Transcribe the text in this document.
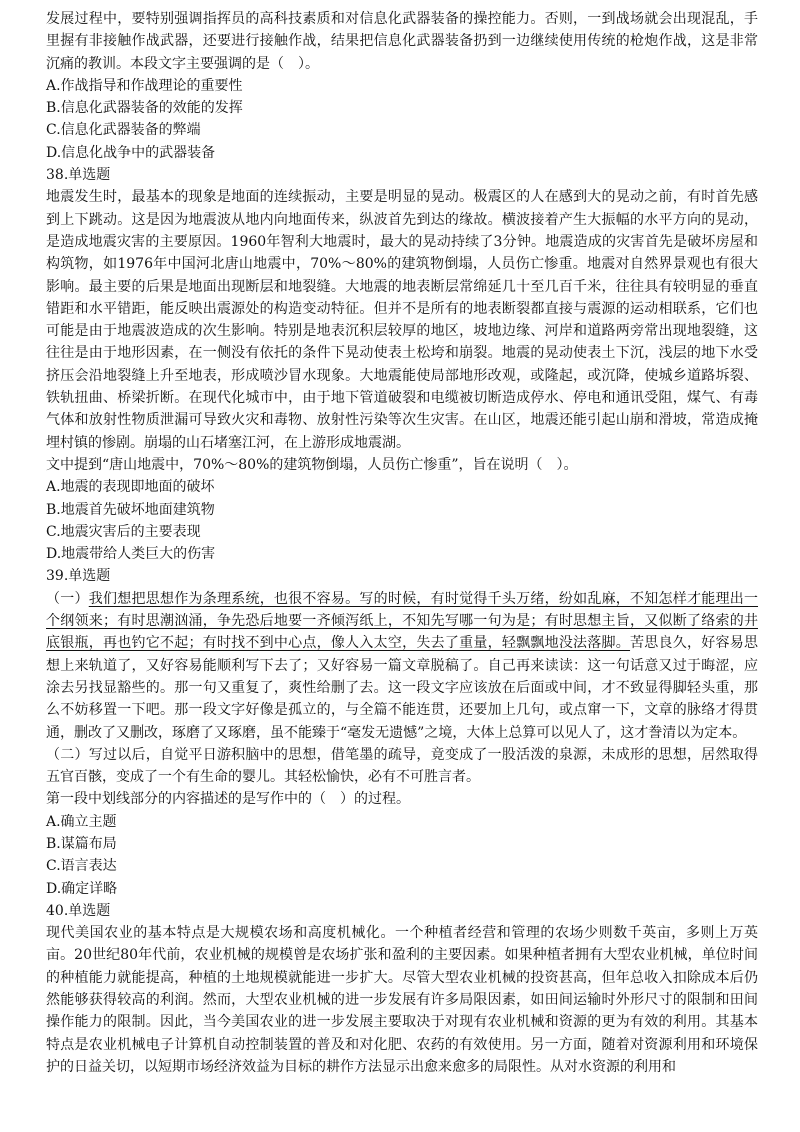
发展过程中，要特别强调指挥员的高科技素质和对信息化武器装备的操控能力。否则，一到战场就会出现混乱，手里握有非接触作战武器，还要进行接触作战，结果把信息化武器装备扔到一边继续使用传统的枪炮作战，这是非常沉痛的教训。本段文字主要强调的是（　）。

A.作战指导和作战理论的重要性
B.信息化武器装备的效能的发挥
C.信息化武器装备的弊端
D.信息化战争中的武器装备
38.单选题

地震发生时，最基本的现象是地面的连续振动，主要是明显的晃动。极震区的人在感到大的晃动之前，有时首先感到上下跳动。这是因为地震波从地内向地面传来，纵波首先到达的缘故。横波接着产生大振幅的水平方向的晃动，是造成地震灾害的主要原因。1960年智利大地震时，最大的晃动持续了3分钟。地震造成的灾害首先是破坏房屋和构筑物，如1976年中国河北唐山地震中，70%～80%的建筑物倒塌，人员伤亡惨重。地震对自然界景观也有很大影响。最主要的后果是地面出现断层和地裂缝。大地震的地表断层常绵延几十至几百千米，往往具有较明显的垂直错距和水平错距，能反映出震源处的构造变动特征。但并不是所有的地表断裂都直接与震源的运动相联系，它们也可能是由于地震波造成的次生影响。特别是地表沉积层较厚的地区，坡地边缘、河岸和道路两旁常出现地裂缝，这往往是由于地形因素，在一侧没有依托的条件下晃动使表土松垮和崩裂。地震的晃动使表土下沉，浅层的地下水受挤压会沿地裂缝上升至地表，形成喷沙冒水现象。大地震能使局部地形改观，或隆起，或沉降，使城乡道路坼裂、铁轨扭曲、桥梁折断。在现代化城市中，由于地下管道破裂和电缆被切断造成停水、停电和通讯受阻，煤气、有毒气体和放射性物质泄漏可导致火灾和毒物、放射性污染等次生灾害。在山区，地震还能引起山崩和滑坡，常造成掩埋村镇的惨剧。崩塌的山石堵塞江河，在上游形成地震湖。

文中提到“唐山地震中，70%～80%的建筑物倒塌，人员伤亡惨重”，旨在说明（　）。
A.地震的表现即地面的破坏
B.地震首先破坏地面建筑物
C.地震灾害后的主要表现
D.地震带给人类巨大的伤害
39.单选题

（一）我们想把思想作为条理系统，也很不容易。写的时候，有时觉得千头万绪，纷如乱麻，不知怎样才能理出一个纲领来；有时思潮汹涌，争先恐后地要一齐倾泻纸上，不知先写哪一句为是；有时思想主旨，又似断了络索的井底银瓶，再也钓它不起；有时找不到中心点，像人入太空，失去了重量，轻飘飘地没法落脚。苦思良久，好容易思想上来轨道了，又好容易能顺利写下去了；又好容易一篇文章脱稿了。自己再来读读：这一句话意又过于晦涩，应涂去另找显豁些的。那一句又重复了，爽性给删了去。这一段文字应该放在后面或中间，才不致显得脚轻头重，那么不妨移置一下吧。那一段文字好像是孤立的，与全篇不能连贯，还要加上几句，或点窜一下，文章的脉络才得贯通，删改了又删改，琢磨了又琢磨，虽不能臻于“毫发无遗憾”之境，大体上总算可以见人了，这才誊清以为定本。

（二）写过以后，自觉平日游积脑中的思想，借笔墨的疏导，竟变成了一股活泼的泉源，未成形的思想，居然取得五官百骸，变成了一个有生命的婴儿。其轻松愉快，必有不可胜言者。

第一段中划线部分的内容描述的是写作中的（　）的过程。
A.确立主题
B.谋篇布局
C.语言表达
D.确定详略
40.单选题

现代美国农业的基本特点是大规模农场和高度机械化。一个种植者经营和管理的农场少则数千英亩，多则上万英亩。20世纪80年代前，农业机械的规模曾是农场扩张和盈利的主要因素。如果种植者拥有大型农业机械，单位时间的种植能力就能提高，种植的土地规模就能进一步扩大。尽管大型农业机械的投资甚高，但年总收入扣除成本后仍然能够获得较高的利润。然而，大型农业机械的进一步发展有许多局限因素，如田间运输时外形尺寸的限制和田间操作能力的限制。因此，当今美国农业的进一步发展主要取决于对现有农业机械和资源的更为有效的利用。其基本特点是农业机械电子计算机自动控制装置的普及和对化肥、农药的有效使用。另一方面，随着对资源利用和环境保护的日益关切，以短期市场经济效益为目标的耕作方法显示出愈来愈多的局限性。从对水资源的利用和
